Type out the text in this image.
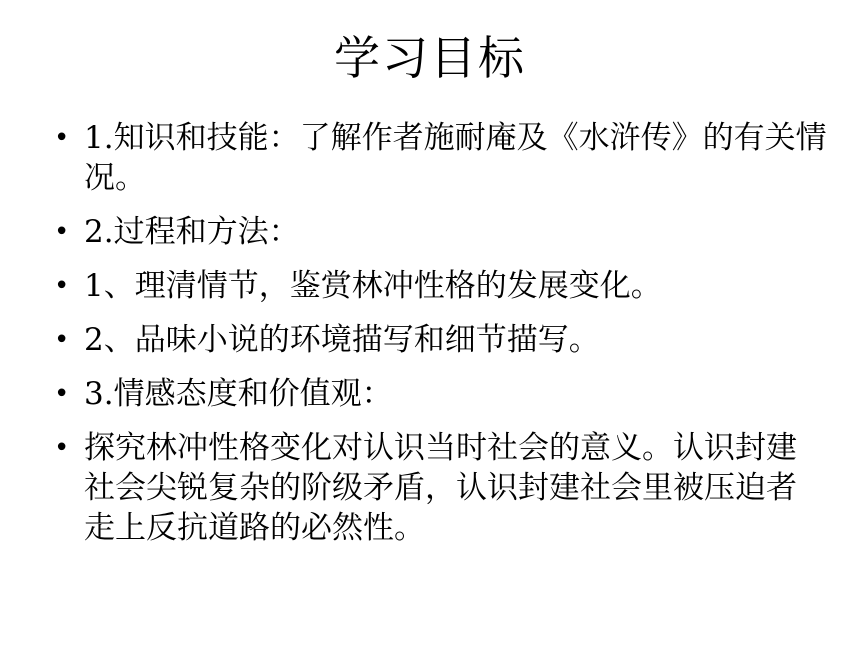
学习目标
• 1.知识和技能：了解作者施耐庵及《水浒传》的有关情况。
• 2.过程和方法：
• 1、理清情节，鉴赏林冲性格的发展变化。
• 2、品味小说的环境描写和细节描写。
• 3.情感态度和价值观：
• 探究林冲性格变化对认识当时社会的意义。认识封建社会尖锐复杂的阶级矛盾，认识封建社会里被压迫者走上反抗道路的必然性。
